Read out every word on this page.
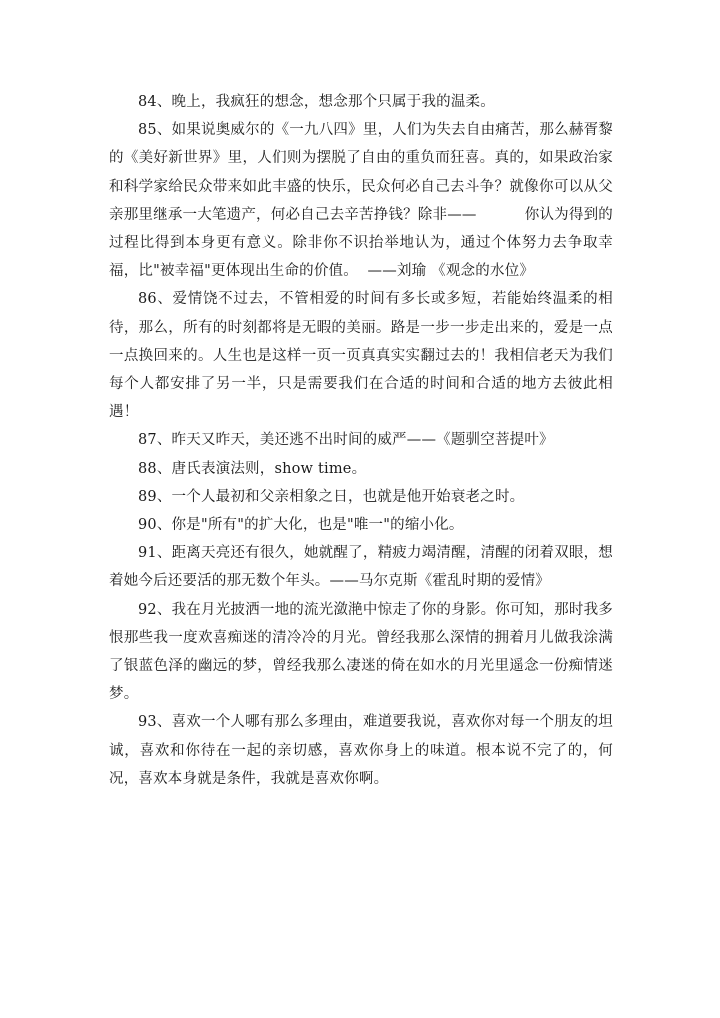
84、晚上，我疯狂的想念，想念那个只属于我的温柔。

85、如果说奥威尔的《一九八四》里，人们为失去自由痛苦，那么赫胥黎的《美好新世界》里，人们则为摆脱了自由的重负而狂喜。真的，如果政治家和科学家给民众带来如此丰盛的快乐，民众何必自己去斗争？就像你可以从父亲那里继承一大笔遗产，何必自己去辛苦挣钱？除非——          你认为得到的过程比得到本身更有意义。除非你不识抬举地认为，通过个体努力去争取幸福，比"被幸福"更体现出生命的价值。  ——刘瑜 《观念的水位》

86、爱情饶不过去，不管相爱的时间有多长或多短，若能始终温柔的相待，那么，所有的时刻都将是无暇的美丽。路是一步一步走出来的，爱是一点一点换回来的。人生也是这样一页一页真真实实翻过去的！我相信老天为我们每个人都安排了另一半，只是需要我们在合适的时间和合适的地方去彼此相遇！

87、昨天又昨天，美还逃不出时间的威严——《题驯空菩提叶》

88、唐氏表演法则，show time。

89、一个人最初和父亲相象之日，也就是他开始衰老之时。

90、你是"所有"的扩大化，也是"唯一"的缩小化。

91、距离天亮还有很久，她就醒了，精疲力竭清醒，清醒的闭着双眼，想着她今后还要活的那无数个年头。——马尔克斯《霍乱时期的爱情》

92、我在月光披洒一地的流光潋滟中惊走了你的身影。你可知，那时我多恨那些我一度欢喜痴迷的清冷冷的月光。曾经我那么深情的拥着月儿做我涂满了银蓝色泽的幽远的梦，曾经我那么凄迷的倚在如水的月光里遥念一份痴情迷梦。

93、喜欢一个人哪有那么多理由，难道要我说，喜欢你对每一个朋友的坦诚，喜欢和你待在一起的亲切感，喜欢你身上的味道。根本说不完了的，何况，喜欢本身就是条件，我就是喜欢你啊。
